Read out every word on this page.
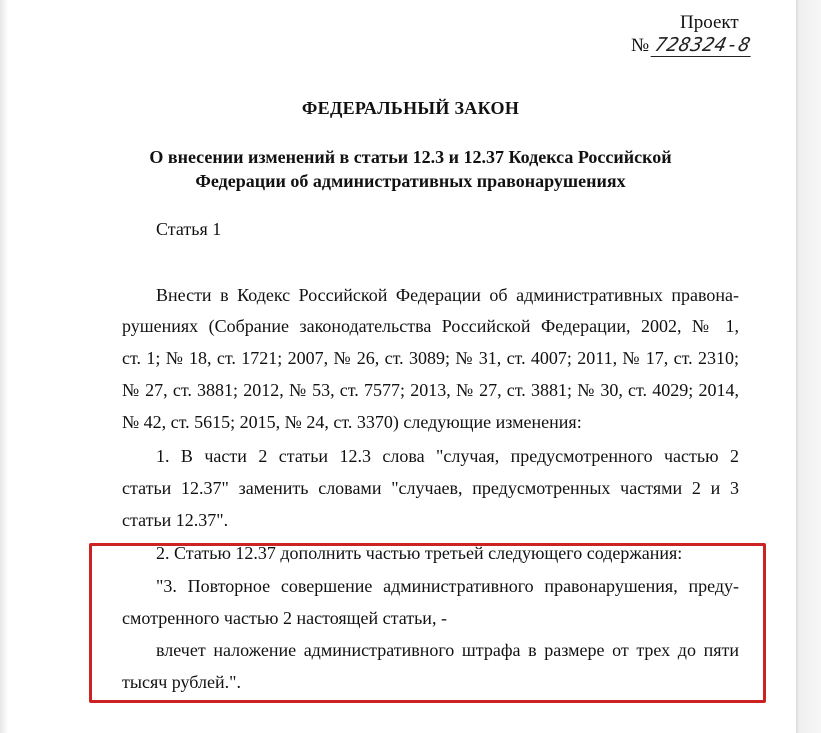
Проект
№ 728324-8
ФЕДЕРАЛЬНЫЙ ЗАКОН
О внесении изменений в статьи 12.3 и 12.37 Кодекса Российской
Федерации об административных правонарушениях
Статья 1
Внести в Кодекс Российской Федерации об административных правона-
рушениях (Собрание законодательства Российской Федерации, 2002, № 1,
ст. 1; № 18, ст. 1721; 2007, № 26, ст. 3089; № 31, ст. 4007; 2011, № 17, ст. 2310;
№ 27, ст. 3881; 2012, № 53, ст. 7577; 2013, № 27, ст. 3881; № 30, ст. 4029; 2014,
№ 42, ст. 5615; 2015, № 24, ст. 3370) следующие изменения:
1. В части 2 статьи 12.3 слова "случая, предусмотренного частью 2
статьи 12.37" заменить словами "случаев, предусмотренных частями 2 и 3
статьи 12.37".
2. Статью 12.37 дополнить частью третьей следующего содержания:
"3. Повторное совершение административного правонарушения, преду-
смотренного частью 2 настоящей статьи, -
влечет наложение административного штрафа в размере от трех до пяти
тысяч рублей.".
